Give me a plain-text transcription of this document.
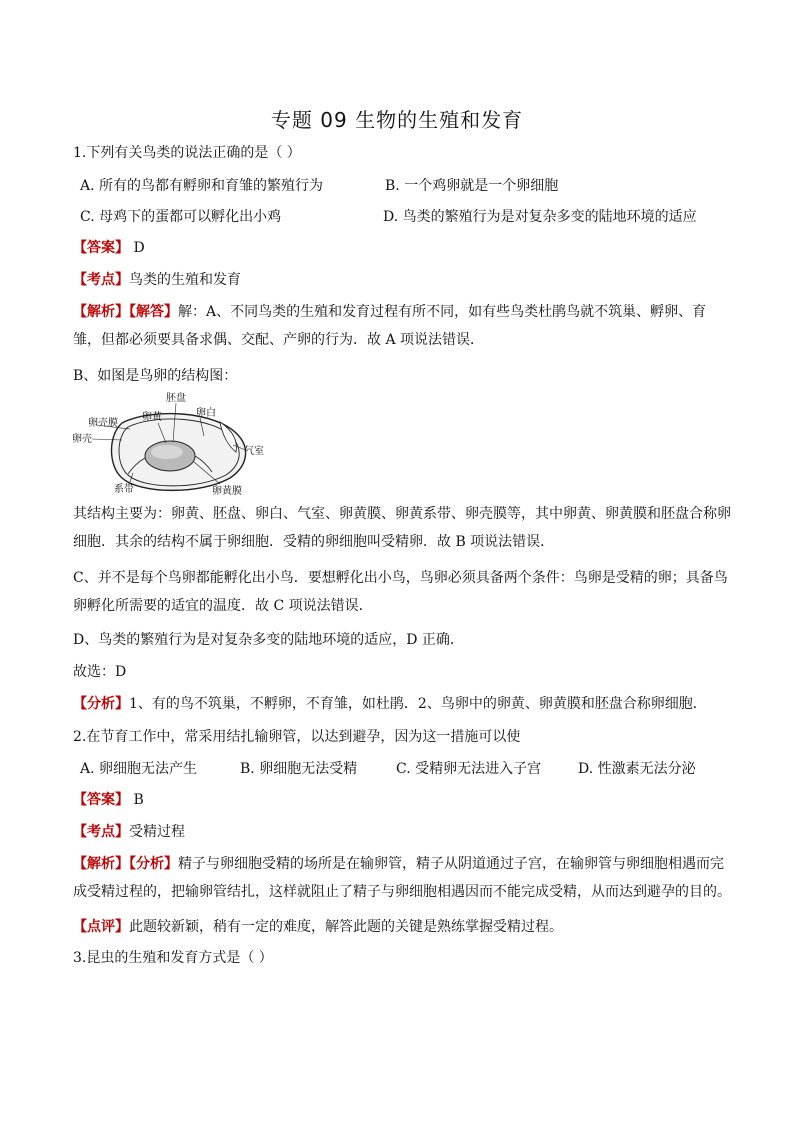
专题 09 生物的生殖和发育
1.下列有关鸟类的说法正确的是（ ）
A. 所有的鸟都有孵卵和育雏的繁殖行为	B. 一个鸡卵就是一个卵细胞
C. 母鸡下的蛋都可以孵化出小鸡	D. 鸟类的繁殖行为是对复杂多变的陆地环境的适应
【答案】 D
【考点】鸟类的生殖和发育
【解析】【解答】解：A、不同鸟类的生殖和发育过程有所不同，如有些鸟类杜鹃鸟就不筑巢、孵卵、育雏，但都必须要具备求偶、交配、产卵的行为．故 A 项说法错误．
B、如图是鸟卵的结构图：
卵壳膜
卵壳
卵黄
胚盘
卵白
气室
系带	卵黄膜
其结构主要为：卵黄、胚盘、卵白、气室、卵黄膜、卵黄系带、卵壳膜等，其中卵黄、卵黄膜和胚盘合称卵细胞．其余的结构不属于卵细胞．受精的卵细胞叫受精卵．故 B 项说法错误．
C、并不是每个鸟卵都能孵化出小鸟．要想孵化出小鸟，鸟卵必须具备两个条件：鸟卵是受精的卵；具备鸟卵孵化所需要的适宜的温度．故 C 项说法错误．
D、鸟类的繁殖行为是对复杂多变的陆地环境的适应，D 正确．
故选：D
【分析】1、有的鸟不筑巢，不孵卵，不育雏，如杜鹃．2、鸟卵中的卵黄、卵黄膜和胚盘合称卵细胞．
2.在节育工作中，常采用结扎输卵管，以达到避孕，因为这一措施可以使
A. 卵细胞无法产生	B. 卵细胞无法受精	C. 受精卵无法进入子宫	D. 性激素无法分泌
【答案】 B
【考点】受精过程
【解析】【分析】精子与卵细胞受精的场所是在输卵管，精子从阴道通过子宫，在输卵管与卵细胞相遇而完成受精过程的，把输卵管结扎，这样就阻止了精子与卵细胞相遇因而不能完成受精，从而达到避孕的目的。
【点评】此题较新颖，稍有一定的难度，解答此题的关键是熟练掌握受精过程。
3.昆虫的生殖和发育方式是（ ）
